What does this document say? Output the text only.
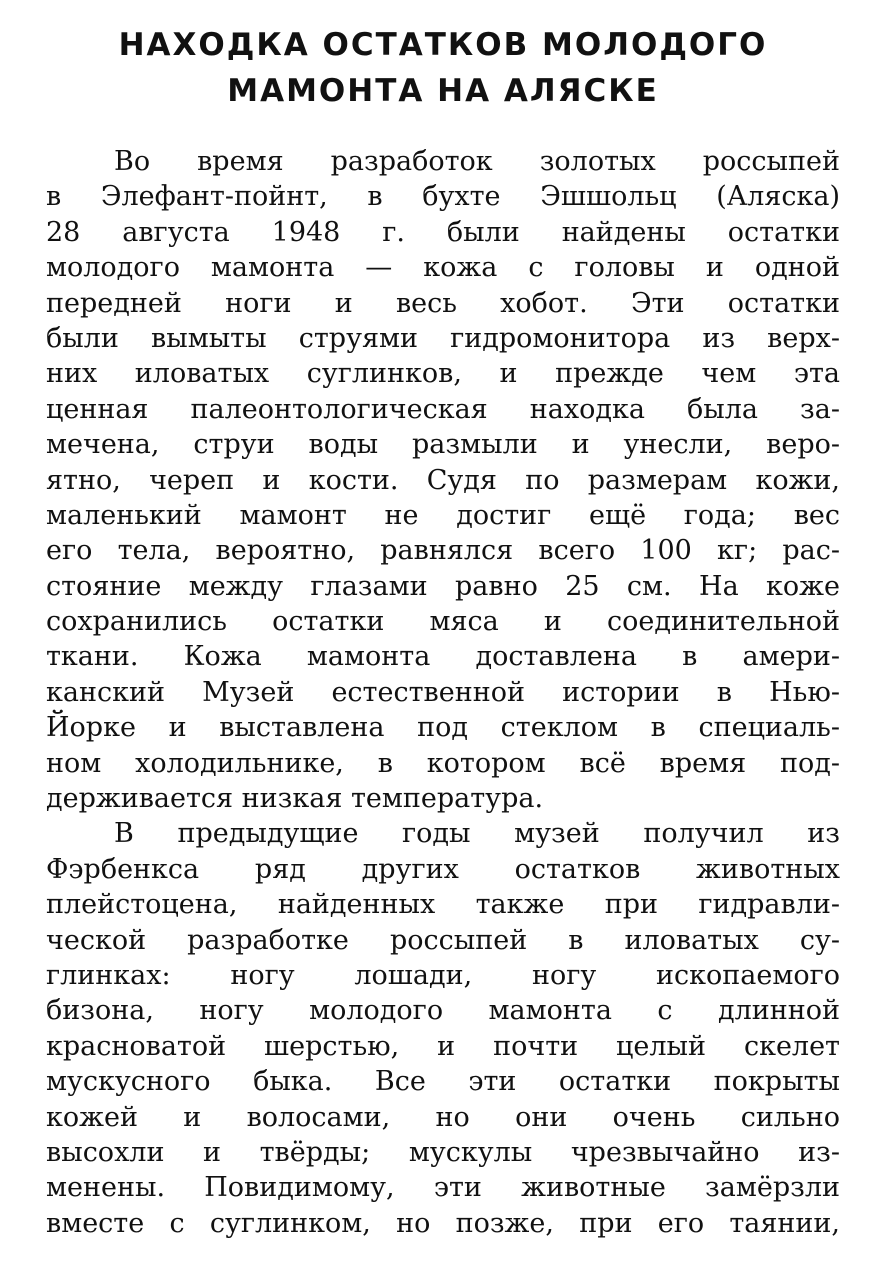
НАХОДКА ОСТАТКОВ МОЛОДОГО
МАМОНТА НА АЛЯСКЕ

Во время разработок золотых россыпей
в Элефант-пойнт, в бухте Эшшольц (Аляска)
28 августа 1948 г. были найдены остатки
молодого мамонта — кожа с головы и одной
передней ноги и весь хобот. Эти остатки
были вымыты струями гидромонитора из верх-
них иловатых суглинков, и прежде чем эта
ценная палеонтологическая находка была за-
мечена, струи воды размыли и унесли, веро-
ятно, череп и кости. Судя по размерам кожи,
маленький мамонт не достиг ещё года; вес
его тела, вероятно, равнялся всего 100 кг; рас-
стояние между глазами равно 25 см. На коже
сохранились остатки мяса и соединительной
ткани. Кожа мамонта доставлена в амери-
канский Музей естественной истории в Нью-
Йорке и выставлена под стеклом в специаль-
ном холодильнике, в котором всё время под-
держивается низкая температура.

В предыдущие годы музей получил из
Фэрбенкса ряд других остатков животных
плейстоцена, найденных также при гидравли-
ческой разработке россыпей в иловатых су-
глинках: ногу лошади, ногу ископаемого
бизона, ногу молодого мамонта с длинной
красноватой шерстью, и почти целый скелет
мускусного быка. Все эти остатки покрыты
кожей и волосами, но они очень сильно
высохли и твёрды; мускулы чрезвычайно из-
менены. Повидимому, эти животные замёрзли
вместе с суглинком, но позже, при его таянии,
